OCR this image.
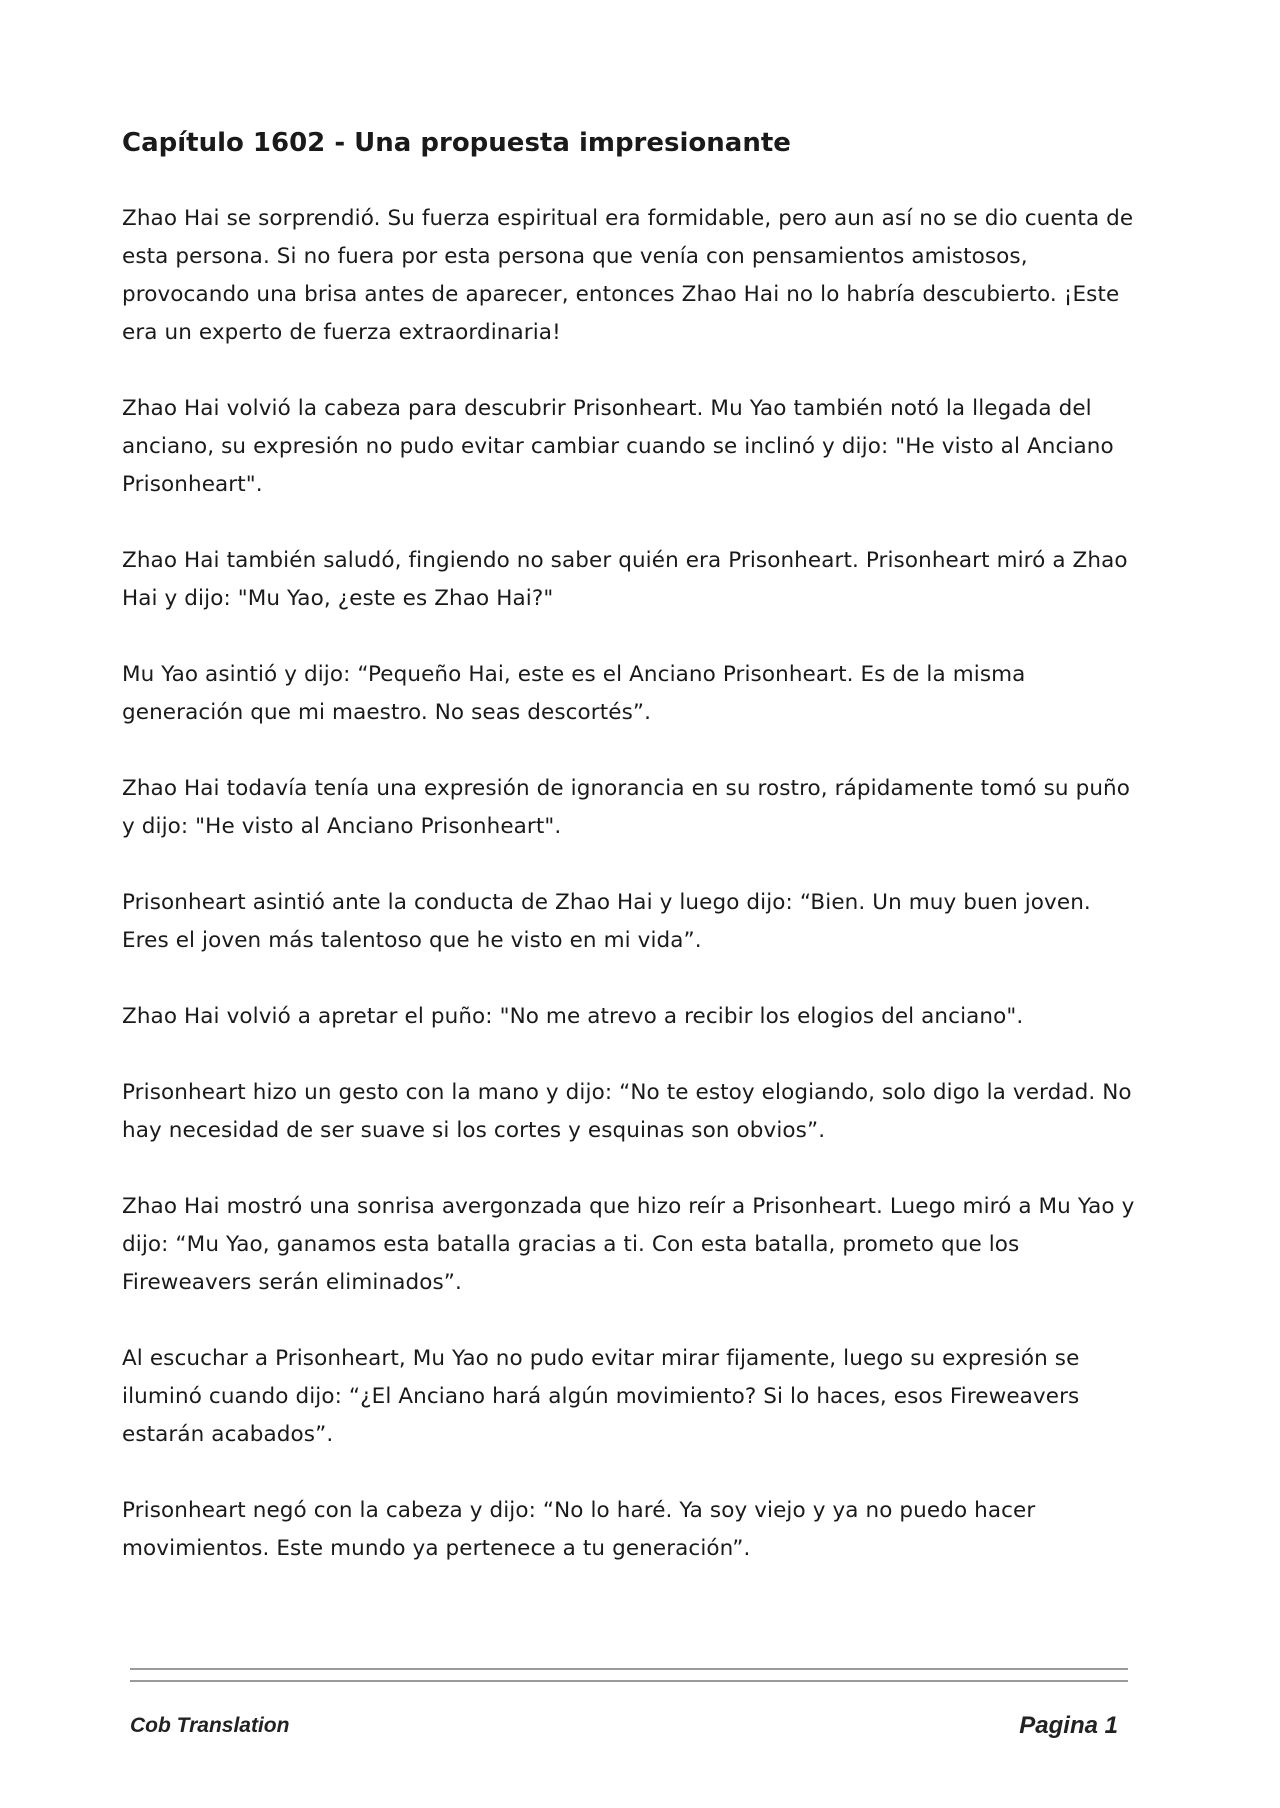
Capítulo 1602 - Una propuesta impresionante

Zhao Hai se sorprendió. Su fuerza espiritual era formidable, pero aun así no se dio cuenta de esta persona. Si no fuera por esta persona que venía con pensamientos amistosos, provocando una brisa antes de aparecer, entonces Zhao Hai no lo habría descubierto. ¡Este era un experto de fuerza extraordinaria!

Zhao Hai volvió la cabeza para descubrir Prisonheart. Mu Yao también notó la llegada del anciano, su expresión no pudo evitar cambiar cuando se inclinó y dijo: "He visto al Anciano Prisonheart".

Zhao Hai también saludó, fingiendo no saber quién era Prisonheart. Prisonheart miró a Zhao Hai y dijo: "Mu Yao, ¿este es Zhao Hai?"

Mu Yao asintió y dijo: “Pequeño Hai, este es el Anciano Prisonheart. Es de la misma generación que mi maestro. No seas descortés”.

Zhao Hai todavía tenía una expresión de ignorancia en su rostro, rápidamente tomó su puño y dijo: "He visto al Anciano Prisonheart".

Prisonheart asintió ante la conducta de Zhao Hai y luego dijo: “Bien. Un muy buen joven. Eres el joven más talentoso que he visto en mi vida”.

Zhao Hai volvió a apretar el puño: "No me atrevo a recibir los elogios del anciano".

Prisonheart hizo un gesto con la mano y dijo: “No te estoy elogiando, solo digo la verdad. No hay necesidad de ser suave si los cortes y esquinas son obvios”.

Zhao Hai mostró una sonrisa avergonzada que hizo reír a Prisonheart. Luego miró a Mu Yao y dijo: “Mu Yao, ganamos esta batalla gracias a ti. Con esta batalla, prometo que los Fireweavers serán eliminados”.

Al escuchar a Prisonheart, Mu Yao no pudo evitar mirar fijamente, luego su expresión se iluminó cuando dijo: “¿El Anciano hará algún movimiento? Si lo haces, esos Fireweavers estarán acabados”.

Prisonheart negó con la cabeza y dijo: “No lo haré. Ya soy viejo y ya no puedo hacer movimientos. Este mundo ya pertenece a tu generación”.

Cob Translation	Pagina 1
